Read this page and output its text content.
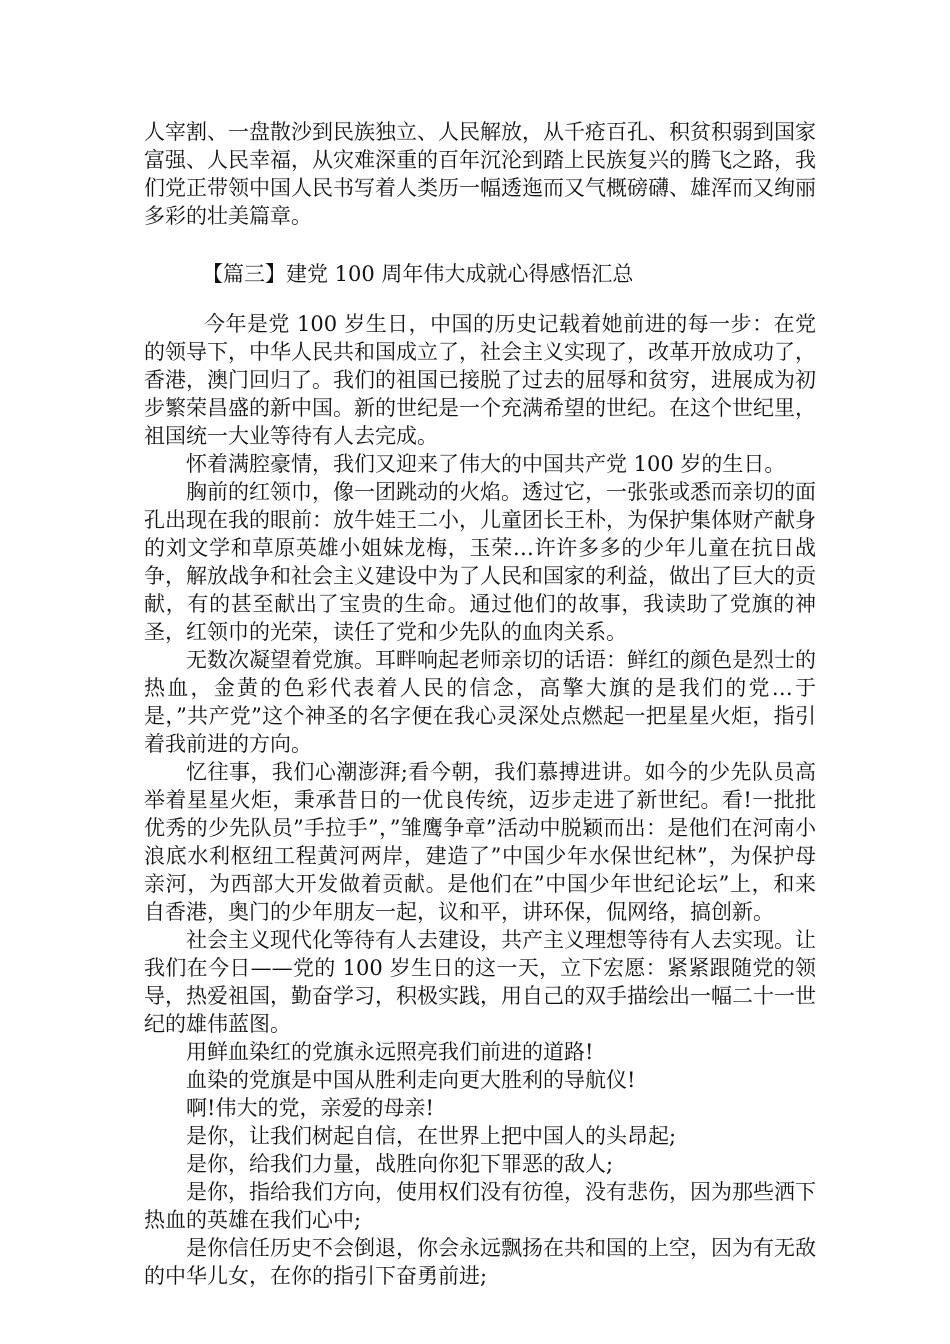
人宰割、一盘散沙到民族独立、人民解放，从千疮百孔、积贫积弱到国家富强、人民幸福，从灾难深重的百年沉沦到踏上民族复兴的腾飞之路，我们党正带领中国人民书写着人类历一幅透迤而又气概磅礴、雄浑而又绚丽多彩的壮美篇章。

【篇三】建党 100 周年伟大成就心得感悟汇总

今年是党 100 岁生日，中国的历史记载着她前进的每一步：在党的领导下，中华人民共和国成立了，社会主义实现了，改革开放成功了，香港，澳门回归了。我们的祖国已接脱了过去的屈辱和贫穷，进展成为初步繁荣昌盛的新中国。新的世纪是一个充满希望的世纪。在这个世纪里，祖国统一大业等待有人去完成。

怀着满腔豪情，我们又迎来了伟大的中国共产党 100 岁的生日。

胸前的红领巾，像一团跳动的火焰。透过它，一张张或悉而亲切的面孔出现在我的眼前：放牛娃王二小，儿童团长王朴，为保护集体财产献身的刘文学和草原英雄小姐妹龙梅，玉荣…许许多多的少年儿童在抗日战争，解放战争和社会主义建设中为了人民和国家的利益，做出了巨大的贡献，有的甚至献出了宝贵的生命。通过他们的故事，我读助了党旗的神圣，红领巾的光荣，读任了党和少先队的血肉关系。

无数次凝望着党旗。耳畔响起老师亲切的话语：鲜红的颜色是烈士的热血，金黄的色彩代表着人民的信念，高擎大旗的是我们的党…于是，”共产党”这个神圣的名字便在我心灵深处点燃起一把星星火炬，指引着我前进的方向。

忆往事，我们心潮澎湃;看今朝，我们慕搏进讲。如今的少先队员高举着星星火炬，秉承昔日的一优良传统，迈步走进了新世纪。看!一批批优秀的少先队员”手拉手”，”雏鹰争章”活动中脱颖而出：是他们在河南小浪底水利枢纽工程黄河两岸，建造了”中国少年水保世纪林”，为保护母亲河，为西部大开发做着贡献。是他们在”中国少年世纪论坛”上，和来自香港，奥门的少年朋友一起，议和平，讲环保，侃网络，搞创新。

社会主义现代化等待有人去建设，共产主义理想等待有人去实现。让我们在今日——党的 100 岁生日的这一天，立下宏愿：紧紧跟随党的领导，热爱祖国，勤奋学习，积极实践，用自己的双手描绘出一幅二十一世纪的雄伟蓝图。

用鲜血染红的党旗永远照亮我们前进的道路!

血染的党旗是中国从胜利走向更大胜利的导航仪!

啊!伟大的党，亲爱的母亲!

是你，让我们树起自信，在世界上把中国人的头昂起;

是你，给我们力量，战胜向你犯下罪恶的敌人;

是你，指给我们方向，使用权们没有彷徨，没有悲伤，因为那些洒下热血的英雄在我们心中;

是你信任历史不会倒退，你会永远飘扬在共和国的上空，因为有无敌的中华儿女，在你的指引下奋勇前进;
